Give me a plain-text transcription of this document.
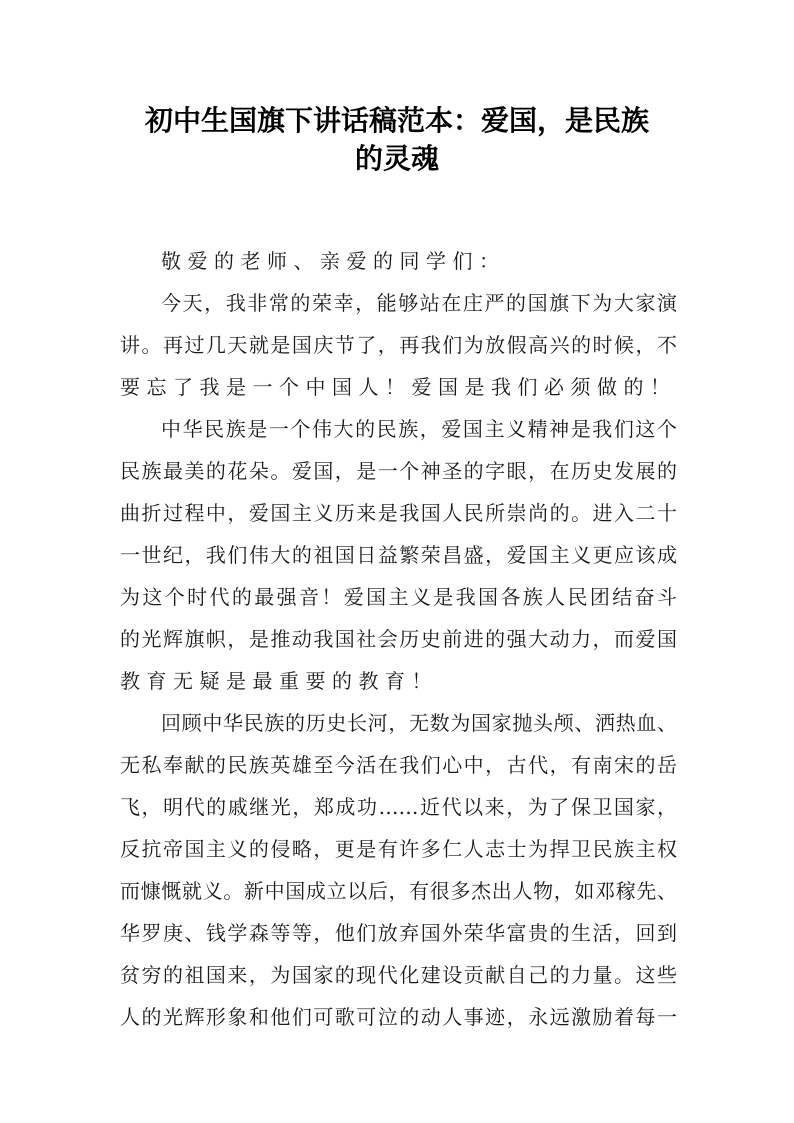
初中生国旗下讲话稿范本：爱国，是民族
的灵魂
敬爱的老师、亲爱的同学们：
今天，我非常的荣幸，能够站在庄严的国旗下为大家演
讲。再过几天就是国庆节了，再我们为放假高兴的时候，不
要忘了我是一个中国人！爱国是我们必须做的！
中华民族是一个伟大的民族，爱国主义精神是我们这个
民族最美的花朵。爱国，是一个神圣的字眼，在历史发展的
曲折过程中，爱国主义历来是我国人民所崇尚的。进入二十
一世纪，我们伟大的祖国日益繁荣昌盛，爱国主义更应该成
为这个时代的最强音！爱国主义是我国各族人民团结奋斗
的光辉旗帜，是推动我国社会历史前进的强大动力，而爱国
教育无疑是最重要的教育！
回顾中华民族的历史长河，无数为国家抛头颅、洒热血、
无私奉献的民族英雄至今活在我们心中，古代，有南宋的岳
飞，明代的戚继光，郑成功……近代以来，为了保卫国家，
反抗帝国主义的侵略，更是有许多仁人志士为捍卫民族主权
而慷慨就义。新中国成立以后，有很多杰出人物，如邓稼先、
华罗庚、钱学森等等，他们放弃国外荣华富贵的生活，回到
贫穷的祖国来，为国家的现代化建设贡献自己的力量。这些
人的光辉形象和他们可歌可泣的动人事迹，永远激励着每一
